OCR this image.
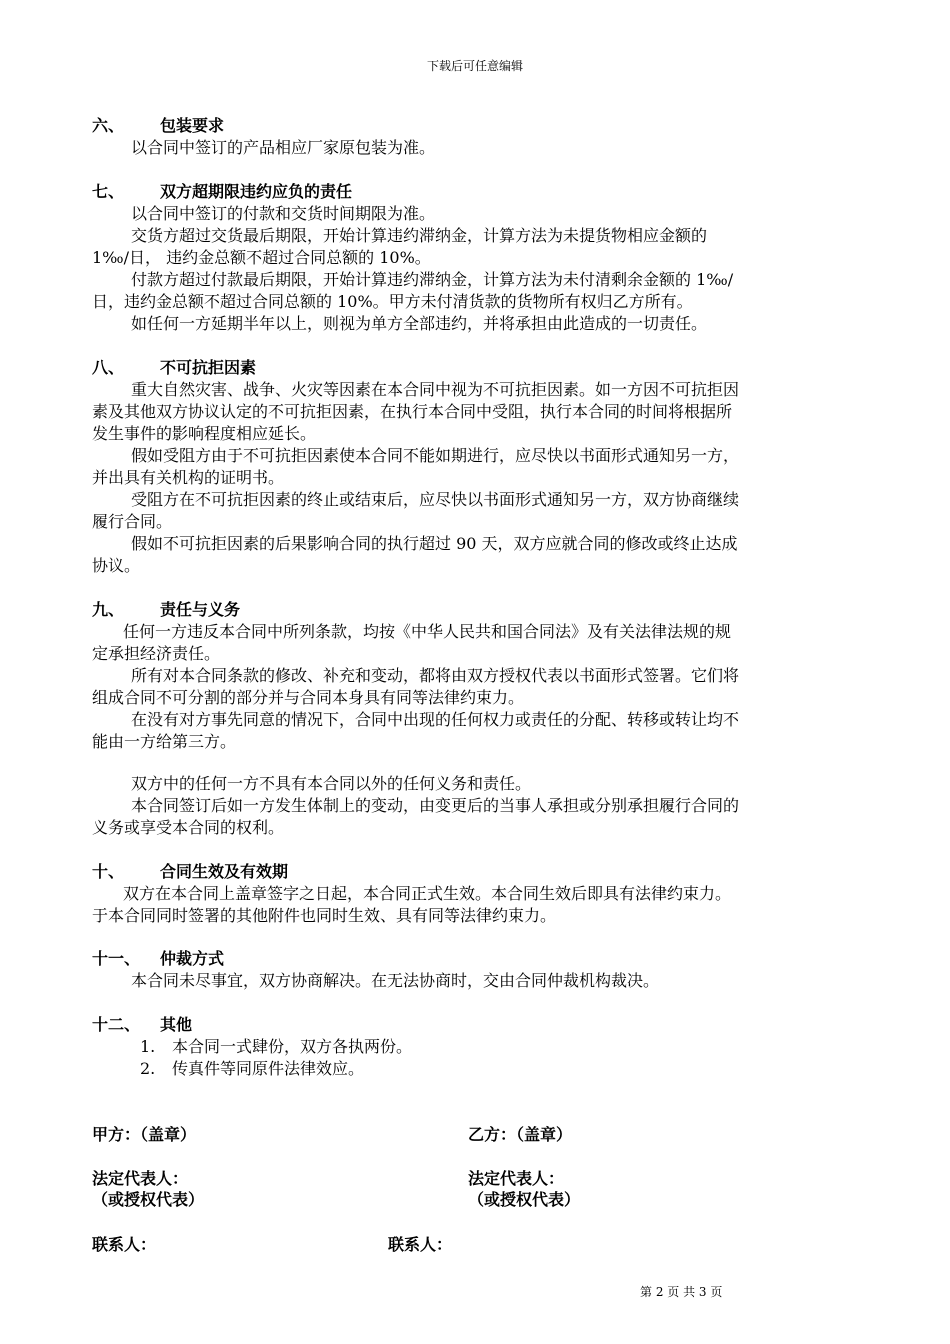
下载后可任意编辑
六、 包装要求
以合同中签订的产品相应厂家原包装为准。
七、 双方超期限违约应负的责任
以合同中签订的付款和交货时间期限为准。
交货方超过交货最后期限，开始计算违约滞纳金，计算方法为未提货物相应金额的
1‰/日， 违约金总额不超过合同总额的 10%。
付款方超过付款最后期限，开始计算违约滞纳金，计算方法为未付清剩余金额的 1‰/
日，违约金总额不超过合同总额的 10%。甲方未付清货款的货物所有权归乙方所有。
如任何一方延期半年以上，则视为单方全部违约，并将承担由此造成的一切责任。
八、 不可抗拒因素
重大自然灾害、战争、火灾等因素在本合同中视为不可抗拒因素。如一方因不可抗拒因
素及其他双方协议认定的不可抗拒因素，在执行本合同中受阻，执行本合同的时间将根据所
发生事件的影响程度相应延长。
假如受阻方由于不可抗拒因素使本合同不能如期进行，应尽快以书面形式通知另一方，
并出具有关机构的证明书。
受阻方在不可抗拒因素的终止或结束后，应尽快以书面形式通知另一方，双方协商继续
履行合同。
假如不可抗拒因素的后果影响合同的执行超过 90 天，双方应就合同的修改或终止达成
协议。
九、 责任与义务
任何一方违反本合同中所列条款，均按《中华人民共和国合同法》及有关法律法规的规
定承担经济责任。
所有对本合同条款的修改、补充和变动，都将由双方授权代表以书面形式签署。它们将
组成合同不可分割的部分并与合同本身具有同等法律约束力。
在没有对方事先同意的情况下，合同中出现的任何权力或责任的分配、转移或转让均不
能由一方给第三方。
双方中的任何一方不具有本合同以外的任何义务和责任。
本合同签订后如一方发生体制上的变动，由变更后的当事人承担或分别承担履行合同的
义务或享受本合同的权利。
十、 合同生效及有效期
双方在本合同上盖章签字之日起，本合同正式生效。本合同生效后即具有法律约束力。
于本合同同时签署的其他附件也同时生效、具有同等法律约束力。
十一、 仲裁方式
本合同未尽事宜，双方协商解决。在无法协商时，交由合同仲裁机构裁决。
十二、 其他
1. 本合同一式肆份，双方各执两份。
2. 传真件等同原件法律效应。
甲方：（盖章）	乙方：（盖章）
法定代表人：
（或授权代表）
法定代表人：
（或授权代表）
联系人：	联系人：
第 2 页 共 3 页
